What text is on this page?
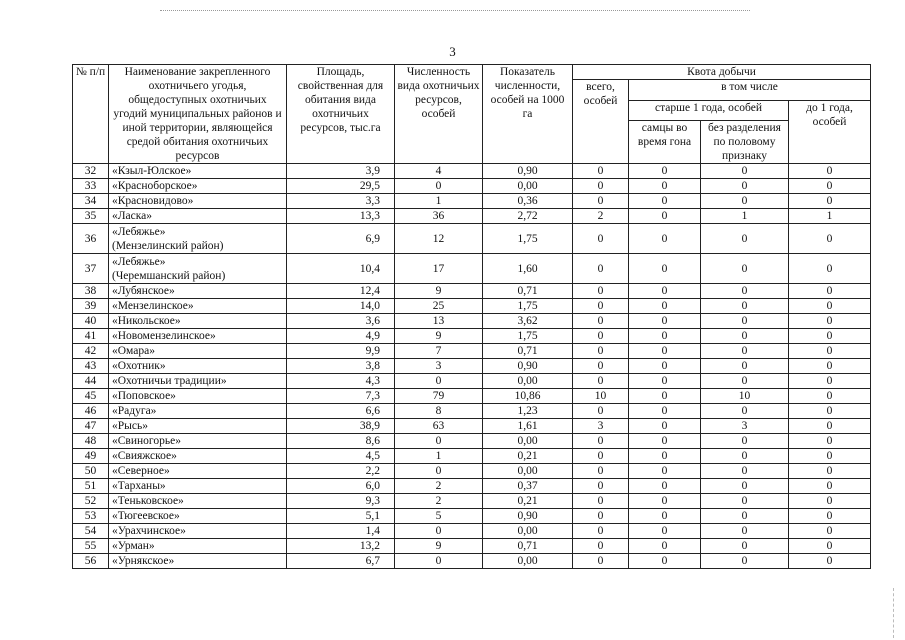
3
№ п/п	Наименование закрепленного охотничьего угодья, общедоступных охотничьих угодий муниципальных районов и иной территории, являющейся средой обитания охотничьих ресурсов	Площадь, свойственная для обитания вида охотничьих ресурсов, тыс.га	Численность вида охотничьих ресурсов, особей	Показатель численности, особей на 1000 га	Квота добычи			
					всего, особей	в том числе		
						старше 1 года, особей		до 1 года, особей
						самцы во время гона	без разделения по половому признаку	
32	«Кзыл-Юлское»	3,9	4	0,90	0	0	0	0
33	«Красноборское»	29,5	0	0,00	0	0	0	0
34	«Красновидово»	3,3	1	0,36	0	0	0	0
35	«Ласка»	13,3	36	2,72	2	0	1	1
36	«Лебяжье»
(Мензелинский район)	6,9	12	1,75	0	0	0	0
37	«Лебяжье»
(Черемшанский район)	10,4	17	1,60	0	0	0	0
38	«Лубянское»	12,4	9	0,71	0	0	0	0
39	«Мензелинское»	14,0	25	1,75	0	0	0	0
40	«Никольское»	3,6	13	3,62	0	0	0	0
41	«Новомензелинское»	4,9	9	1,75	0	0	0	0
42	«Омара»	9,9	7	0,71	0	0	0	0
43	«Охотник»	3,8	3	0,90	0	0	0	0
44	«Охотничьи традиции»	4,3	0	0,00	0	0	0	0
45	«Поповское»	7,3	79	10,86	10	0	10	0
46	«Радуга»	6,6	8	1,23	0	0	0	0
47	«Рысь»	38,9	63	1,61	3	0	3	0
48	«Свиногорье»	8,6	0	0,00	0	0	0	0
49	«Свияжское»	4,5	1	0,21	0	0	0	0
50	«Северное»	2,2	0	0,00	0	0	0	0
51	«Тарханы»	6,0	2	0,37	0	0	0	0
52	«Теньковское»	9,3	2	0,21	0	0	0	0
53	«Тюгеевское»	5,1	5	0,90	0	0	0	0
54	«Урахчинское»	1,4	0	0,00	0	0	0	0
55	«Урман»	13,2	9	0,71	0	0	0	0
56	«Урнякское»	6,7	0	0,00	0	0	0	0
